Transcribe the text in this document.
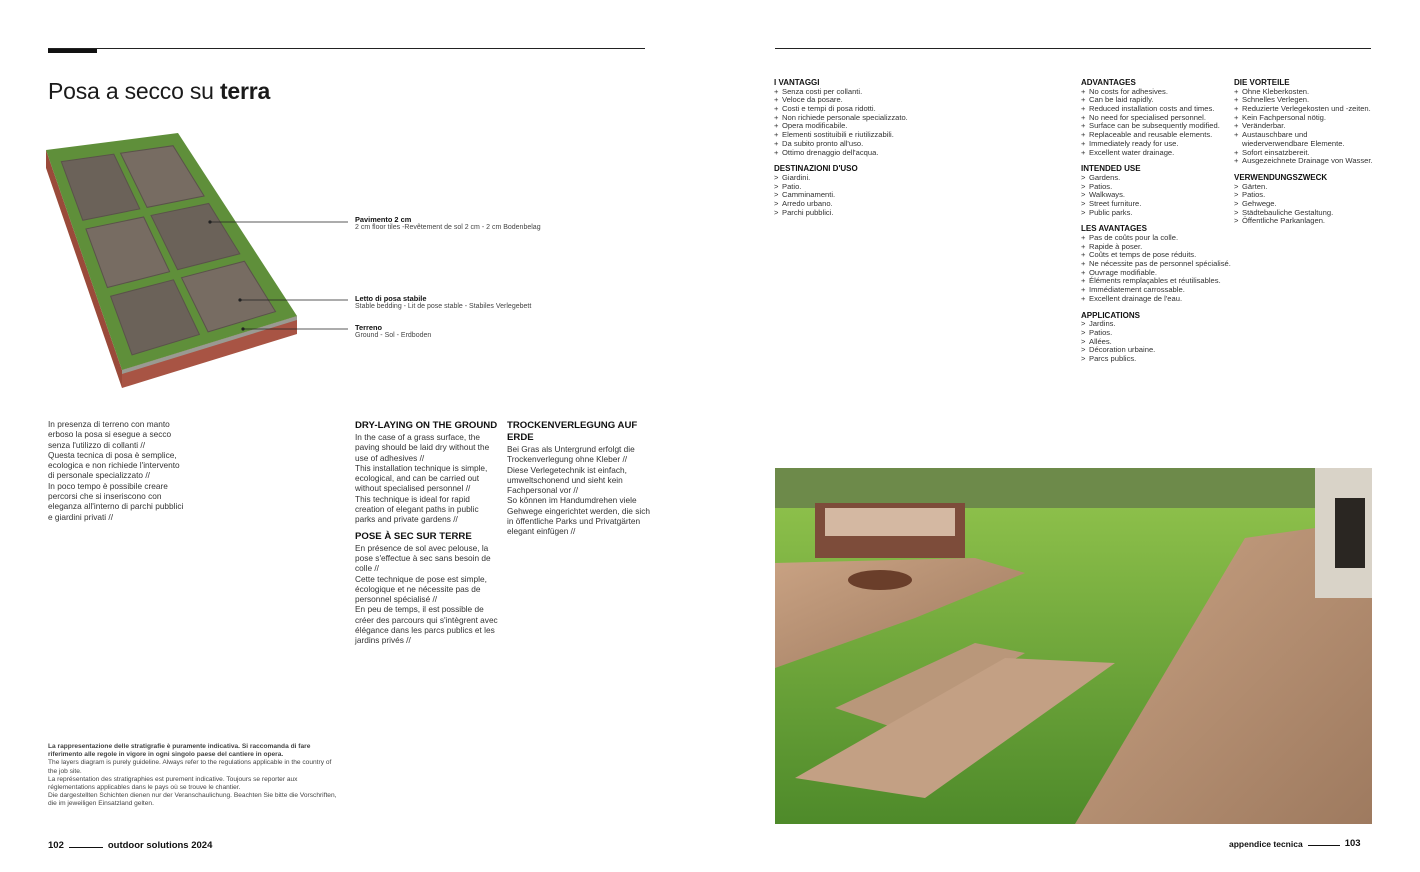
Posa a secco su terra
Pavimento 2 cm
2 cm floor tiles -Revêtement de sol 2 cm - 2 cm Bodenbelag
Letto di posa stabile
Stable bedding - Lit de pose stable - Stabiles Verlegebett
Terreno
Ground - Sol - Erdboden
In presenza di terreno con manto
erboso la posa si esegue a secco
senza l'utilizzo di collanti //
Questa tecnica di posa è semplice,
ecologica e non richiede l'intervento
di personale specializzato //
In poco tempo è possibile creare
percorsi che si inseriscono con
eleganza all'interno di parchi pubblici
e giardini privati //
DRY-LAYING ON THE GROUND
In the case of a grass surface, the
paving should be laid dry without the
use of adhesives //
This installation technique is simple,
ecological, and can be carried out
without specialised personnel //
This technique is ideal for rapid
creation of elegant paths in public
parks and private gardens //
POSE À SEC SUR TERRE
En présence de sol avec pelouse, la
pose s'effectue à sec sans besoin de
colle //
Cette technique de pose est simple,
écologique et ne nécessite pas de
personnel spécialisé //
En peu de temps, il est possible de
créer des parcours qui s'intègrent avec
élégance dans les parcs publics et les
jardins privés //
TROCKENVERLEGUNG AUF
ERDE
Bei Gras als Untergrund erfolgt die
Trockenverlegung ohne Kleber //
Diese Verlegetechnik ist einfach,
umweltschonend und sieht kein
Fachpersonal vor //
So können im Handumdrehen viele
Gehwege eingerichtet werden, die sich
in öffentliche Parks und Privatgärten
elegant einfügen //
La rappresentazione delle stratigrafie è puramente indicativa. Si raccomanda di fare
riferimento alle regole in vigore in ogni singolo paese del cantiere in opera.
The layers diagram is purely guideline. Always refer to the regulations applicable in the country of
the job site.
La représentation des stratigraphies est purement indicative. Toujours se reporter aux
réglementations applicables dans le pays où se trouve le chantier.
Die dargestellten Schichten dienen nur der Veranschaulichung. Beachten Sie bitte die Vorschriften,
die im jeweiligen Einsatzland gelten.
102	outdoor solutions 2024
I VANTAGGI
+ Senza costi per collanti.
+ Veloce da posare.
+ Costi e tempi di posa ridotti.
+ Non richiede personale specializzato.
+ Opera modificabile.
+ Elementi sostituibili e riutilizzabili.
+ Da subito pronto all'uso.
+ Ottimo drenaggio dell'acqua.
DESTINAZIONI D'USO
> Giardini.
> Patio.
> Camminamenti.
> Arredo urbano.
> Parchi pubblici.
ADVANTAGES
+ No costs for adhesives.
+ Can be laid rapidly.
+ Reduced installation costs and times.
+ No need for specialised personnel.
+ Surface can be subsequently modified.
+ Replaceable and reusable elements.
+ Immediately ready for use.
+ Excellent water drainage.
INTENDED USE
> Gardens.
> Patios.
> Walkways.
> Street furniture.
> Public parks.
LES AVANTAGES
+ Pas de coûts pour la colle.
+ Rapide à poser.
+ Coûts et temps de pose réduits.
+ Ne nécessite pas de personnel spécialisé.
+ Ouvrage modifiable.
+ Éléments remplaçables et réutilisables.
+ Immédiatement carrossable.
+ Excellent drainage de l'eau.
APPLICATIONS
> Jardins.
> Patios.
> Allées.
> Décoration urbaine.
> Parcs publics.
DIE VORTEILE
+ Ohne Kleberkosten.
+ Schnelles Verlegen.
+ Reduzierte Verlegekosten und -zeiten.
+ Kein Fachpersonal nötig.
+ Veränderbar.
+ Austauschbare und wiederverwendbare Elemente.
+ Sofort einsatzbereit.
+ Ausgezeichnete Drainage von Wasser.
VERWENDUNGSZWECK
> Gärten.
> Patios.
> Gehwege.
> Städtebauliche Gestaltung.
> Öffentliche Parkanlagen.
appendice tecnica	103
